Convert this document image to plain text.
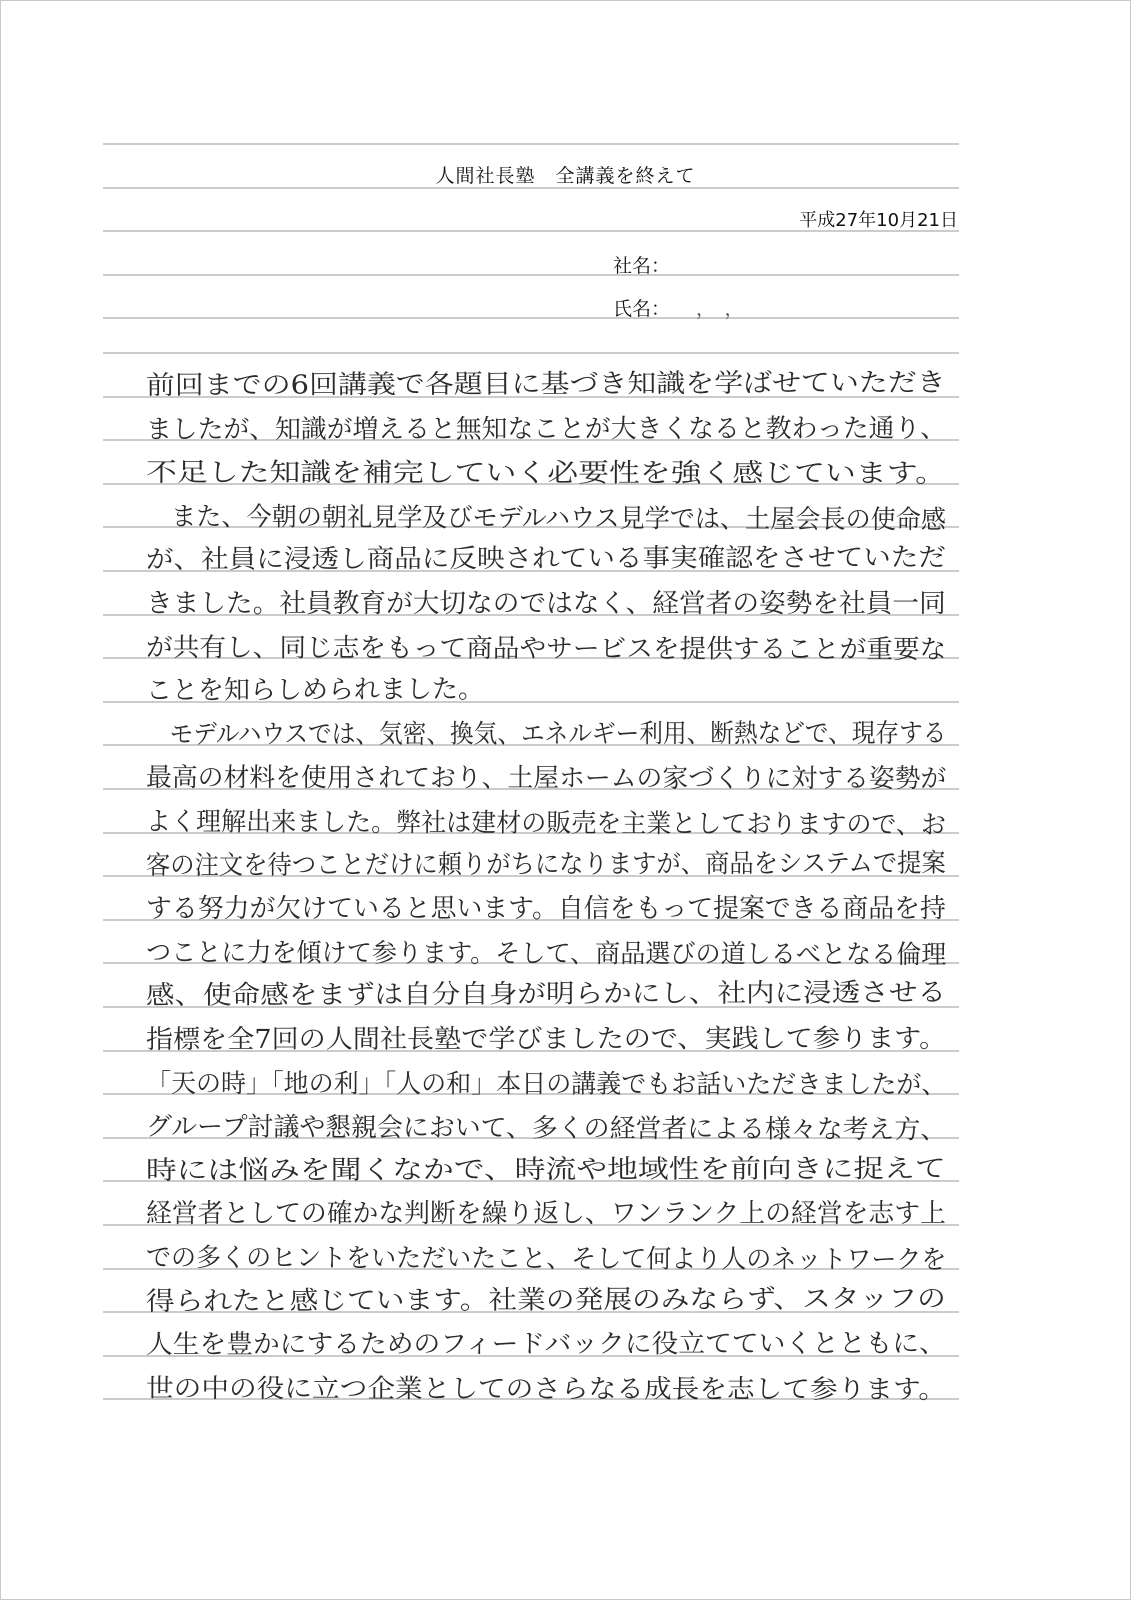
人間社長塾　全講義を終えて
平成27年10月21日
社名：
氏名： ，　，
前回までの6回講義で各題目に基づき知識を学ばせていただき
ましたが、知識が増えると無知なことが大きくなると教わった通り、
不足した知識を補完していく必要性を強く感じています。
　また、今朝の朝礼見学及びモデルハウス見学では、土屋会長の使命感
が、社員に浸透し商品に反映されている事実確認をさせていただ
きました。社員教育が大切なのではなく、経営者の姿勢を社員一同
が共有し、同じ志をもって商品やサービスを提供することが重要な
ことを知らしめられました。
　モデルハウスでは、気密、換気、エネルギー利用、断熱などで、現存する
最高の材料を使用されており、土屋ホームの家づくりに対する姿勢が
よく理解出来ました。弊社は建材の販売を主業としておりますので、お
客の注文を待つことだけに頼りがちになりますが、商品をシステムで提案
する努力が欠けていると思います。自信をもって提案できる商品を持
つことに力を傾けて参ります。そして、商品選びの道しるべとなる倫理
感、使命感をまずは自分自身が明らかにし、社内に浸透させる
指標を全7回の人間社長塾で学びましたので、実践して参ります。
「天の時」「地の利」「人の和」本日の講義でもお話いただきましたが、
グループ討議や懇親会において、多くの経営者による様々な考え方、
時には悩みを聞くなかで、時流や地域性を前向きに捉えて
経営者としての確かな判断を繰り返し、ワンランク上の経営を志す上
での多くのヒントをいただいたこと、そして何より人のネットワークを
得られたと感じています。社業の発展のみならず、スタッフの
人生を豊かにするためのフィードバックに役立てていくとともに、
世の中の役に立つ企業としてのさらなる成長を志して参ります。
